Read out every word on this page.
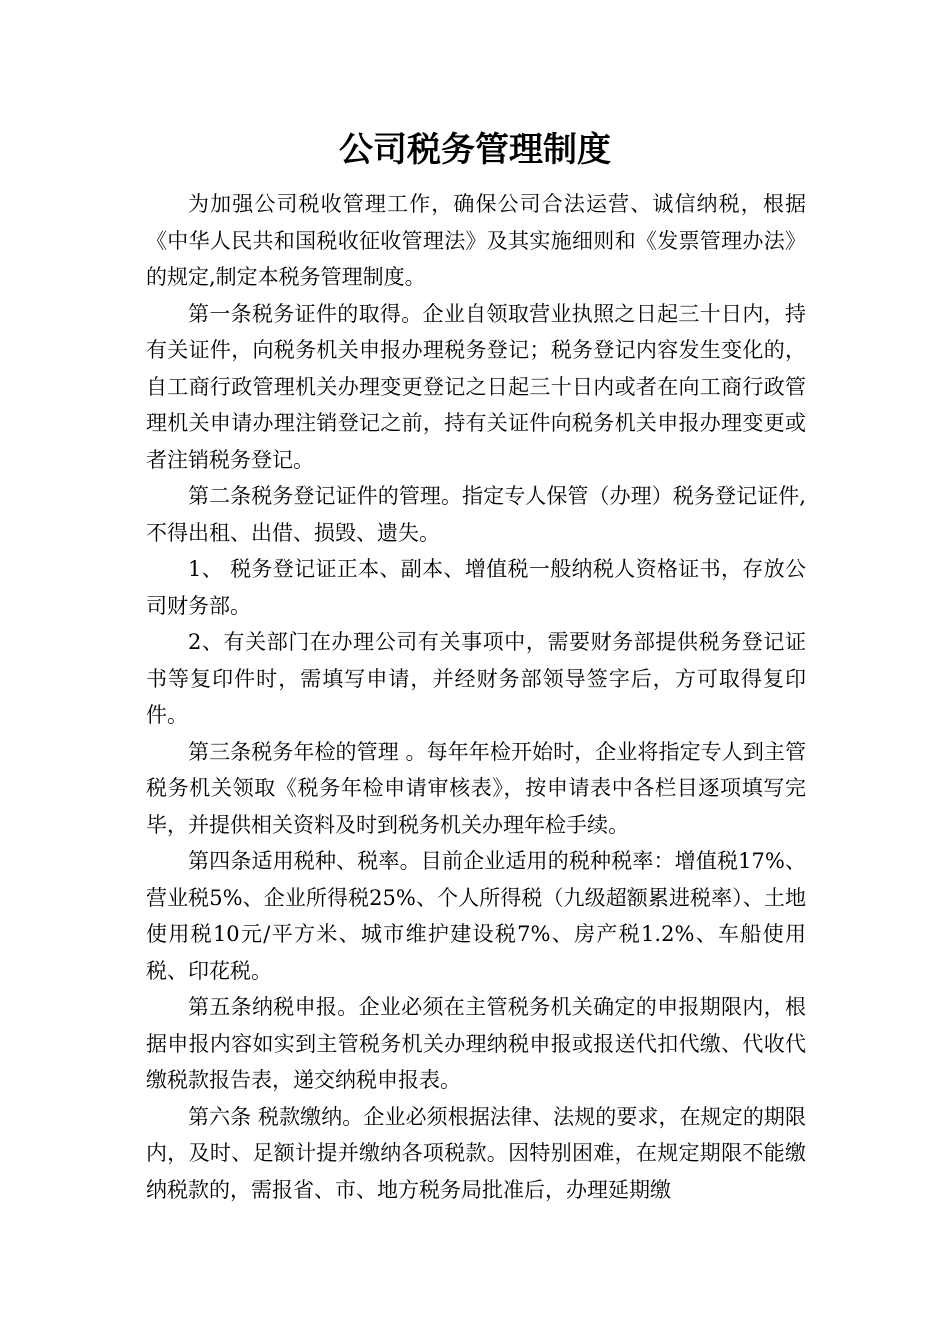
公司税务管理制度

为加强公司税收管理工作，确保公司合法运营、诚信纳税，根据《中华人民共和国税收征收管理法》及其实施细则和《发票管理办法》的规定,制定本税务管理制度。

第一条税务证件的取得。企业自领取营业执照之日起三十日内，持有关证件，向税务机关申报办理税务登记；税务登记内容发生变化的，自工商行政管理机关办理变更登记之日起三十日内或者在向工商行政管理机关申请办理注销登记之前，持有关证件向税务机关申报办理变更或者注销税务登记。

第二条税务登记证件的管理。指定专人保管（办理）税务登记证件,不得出租、出借、损毁、遗失。

1、 税务登记证正本、副本、增值税一般纳税人资格证书，存放公司财务部。

2、有关部门在办理公司有关事项中，需要财务部提供税务登记证书等复印件时，需填写申请，并经财务部领导签字后，方可取得复印件。

第三条税务年检的管理 。每年年检开始时，企业将指定专人到主管税务机关领取《税务年检申请审核表》，按申请表中各栏目逐项填写完毕，并提供相关资料及时到税务机关办理年检手续。

第四条适用税种、税率。目前企业适用的税种税率：增值税17%、营业税5%、企业所得税25%、个人所得税（九级超额累进税率）、土地使用税10元/平方米、城市维护建设税7%、房产税1.2%、车船使用税、印花税。

第五条纳税申报。企业必须在主管税务机关确定的申报期限内，根据申报内容如实到主管税务机关办理纳税申报或报送代扣代缴、代收代缴税款报告表，递交纳税申报表。

第六条 税款缴纳。企业必须根据法律、法规的要求，在规定的期限内，及时、足额计提并缴纳各项税款。因特别困难，在规定期限不能缴纳税款的，需报省、市、地方税务局批准后，办理延期缴
